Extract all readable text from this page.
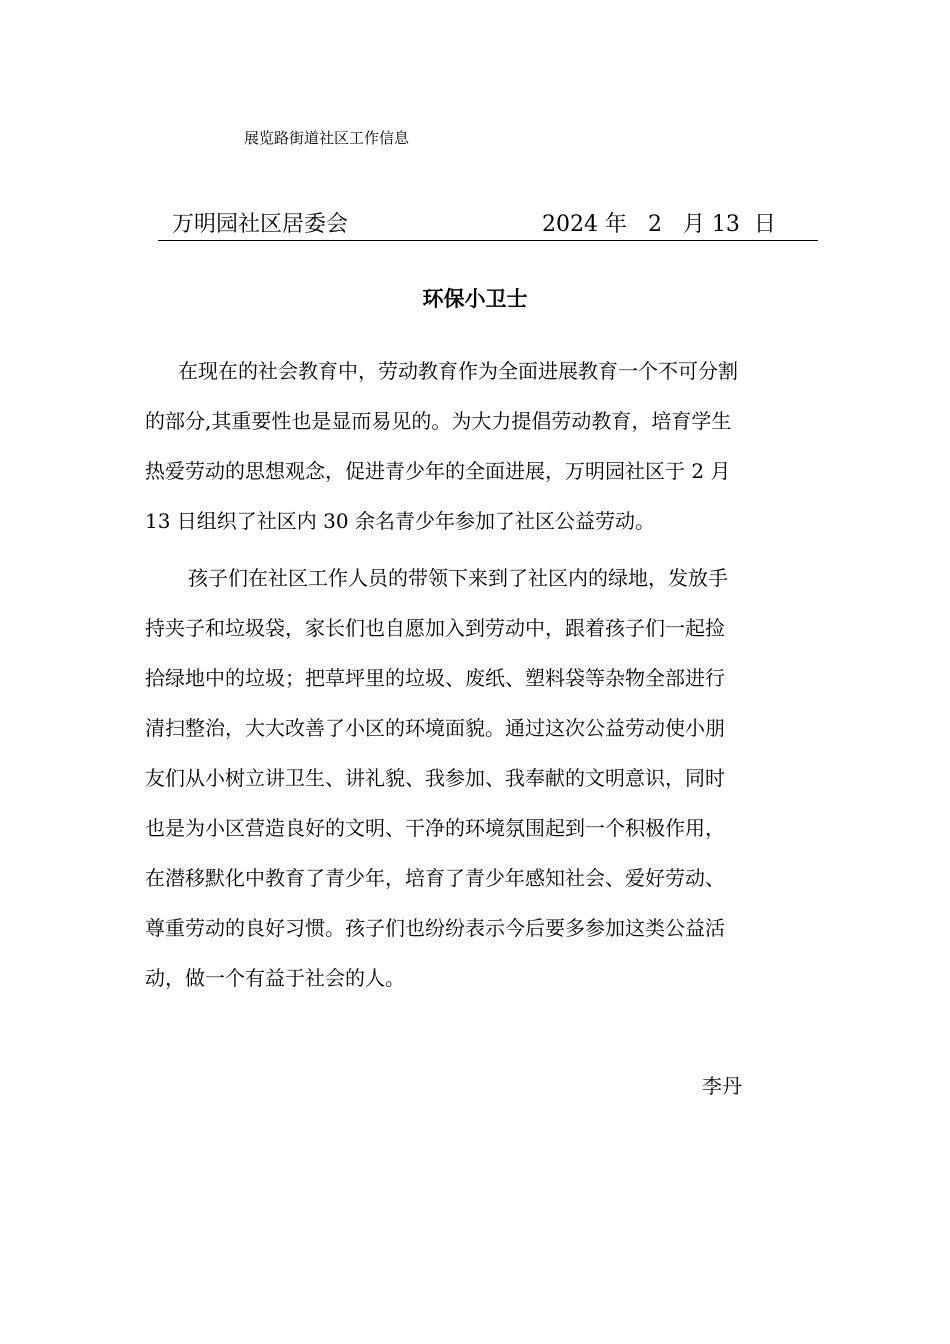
展览路街道社区工作信息
万明园社区居委会	2024 年   2   月 13  日
环保小卫士

在现在的社会教育中，劳动教育作为全面进展教育一个不可分割
的部分,其重要性也是显而易见的。为大力提倡劳动教育，培育学生
热爱劳动的思想观念，促进青少年的全面进展，万明园社区于 2 月
13 日组织了社区内 30 余名青少年参加了社区公益劳动。

孩子们在社区工作人员的带领下来到了社区内的绿地，发放手
持夹子和垃圾袋，家长们也自愿加入到劳动中，跟着孩子们一起捡
拾绿地中的垃圾；把草坪里的垃圾、废纸、塑料袋等杂物全部进行
清扫整治，大大改善了小区的环境面貌。通过这次公益劳动使小朋
友们从小树立讲卫生、讲礼貌、我参加、我奉献的文明意识，同时
也是为小区营造良好的文明、干净的环境氛围起到一个积极作用，
在潜移默化中教育了青少年，培育了青少年感知社会、爱好劳动、
尊重劳动的良好习惯。孩子们也纷纷表示今后要多参加这类公益活
动，做一个有益于社会的人。

李丹
